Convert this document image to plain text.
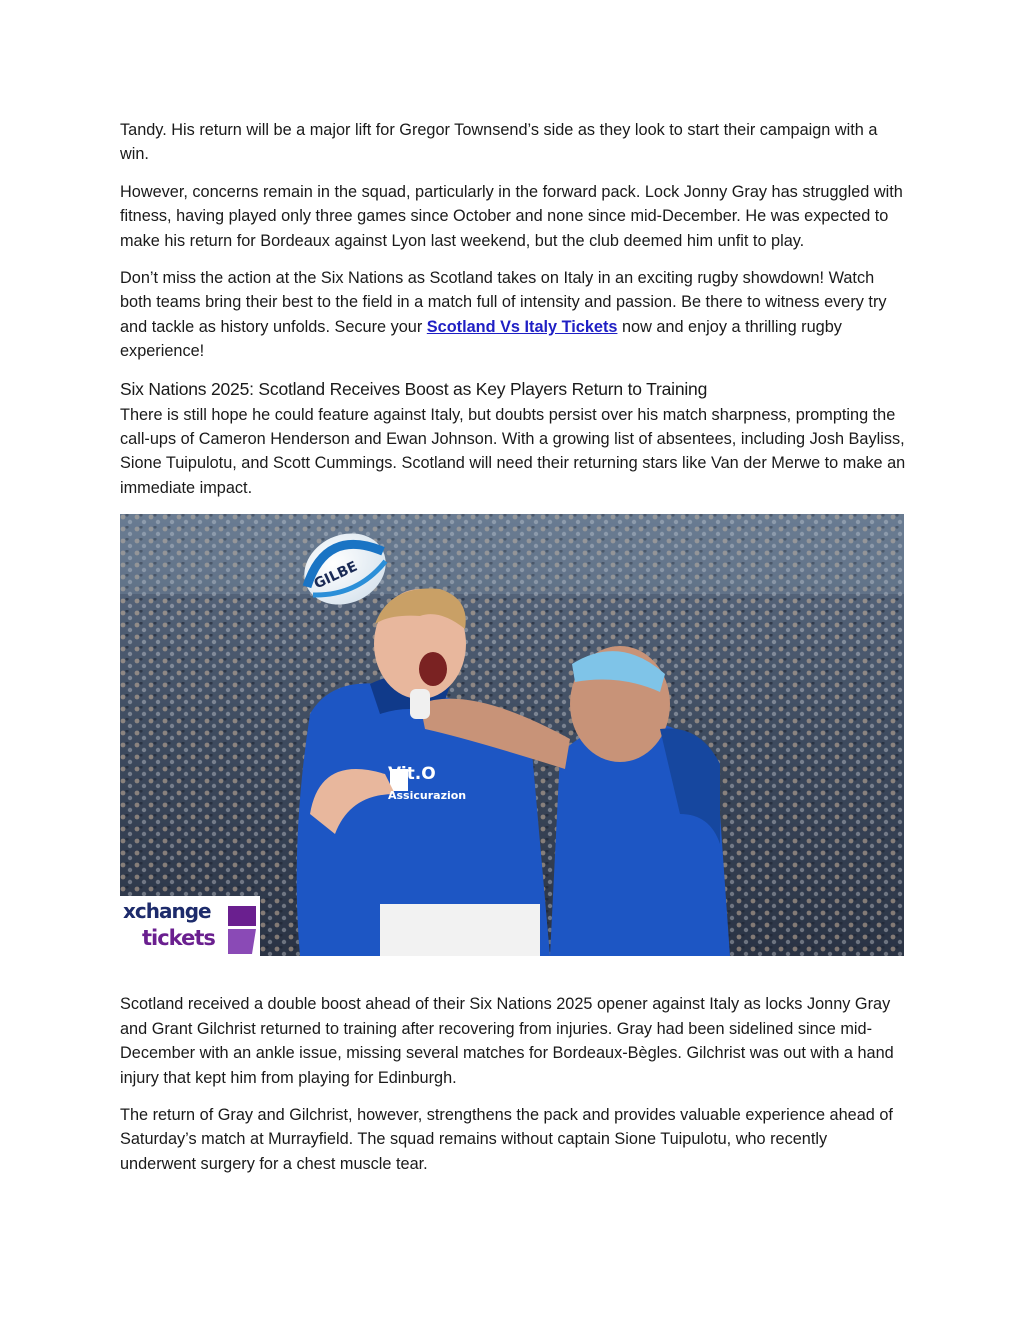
Tandy. His return will be a major lift for Gregor Townsend’s side as they look to start their campaign with a win.

However, concerns remain in the squad, particularly in the forward pack. Lock Jonny Gray has struggled with fitness, having played only three games since October and none since mid-December. He was expected to make his return for Bordeaux against Lyon last weekend, but the club deemed him unfit to play.

Don’t miss the action at the Six Nations as Scotland takes on Italy in an exciting rugby showdown! Watch both teams bring their best to the field in a match full of intensity and passion. Be there to witness every try and tackle as history unfolds. Secure your Scotland Vs Italy Tickets now and enjoy a thrilling rugby experience!

Six Nations 2025: Scotland Receives Boost as Key Players Return to Training

There is still hope he could feature against Italy, but doubts persist over his match sharpness, prompting the call-ups of Cameron Henderson and Ewan Johnson. With a growing list of absentees, including Josh Bayliss, Sione Tuipulotu, and Scott Cummings. Scotland will need their returning stars like Van der Merwe to make an immediate impact.

GILBE
Vit.O
Assicurazion
xchange
tickets

Scotland received a double boost ahead of their Six Nations 2025 opener against Italy as locks Jonny Gray and Grant Gilchrist returned to training after recovering from injuries. Gray had been sidelined since mid-December with an ankle issue, missing several matches for Bordeaux-Bègles. Gilchrist was out with a hand injury that kept him from playing for Edinburgh.

The return of Gray and Gilchrist, however, strengthens the pack and provides valuable experience ahead of Saturday’s match at Murrayfield. The squad remains without captain Sione Tuipulotu, who recently underwent surgery for a chest muscle tear.
